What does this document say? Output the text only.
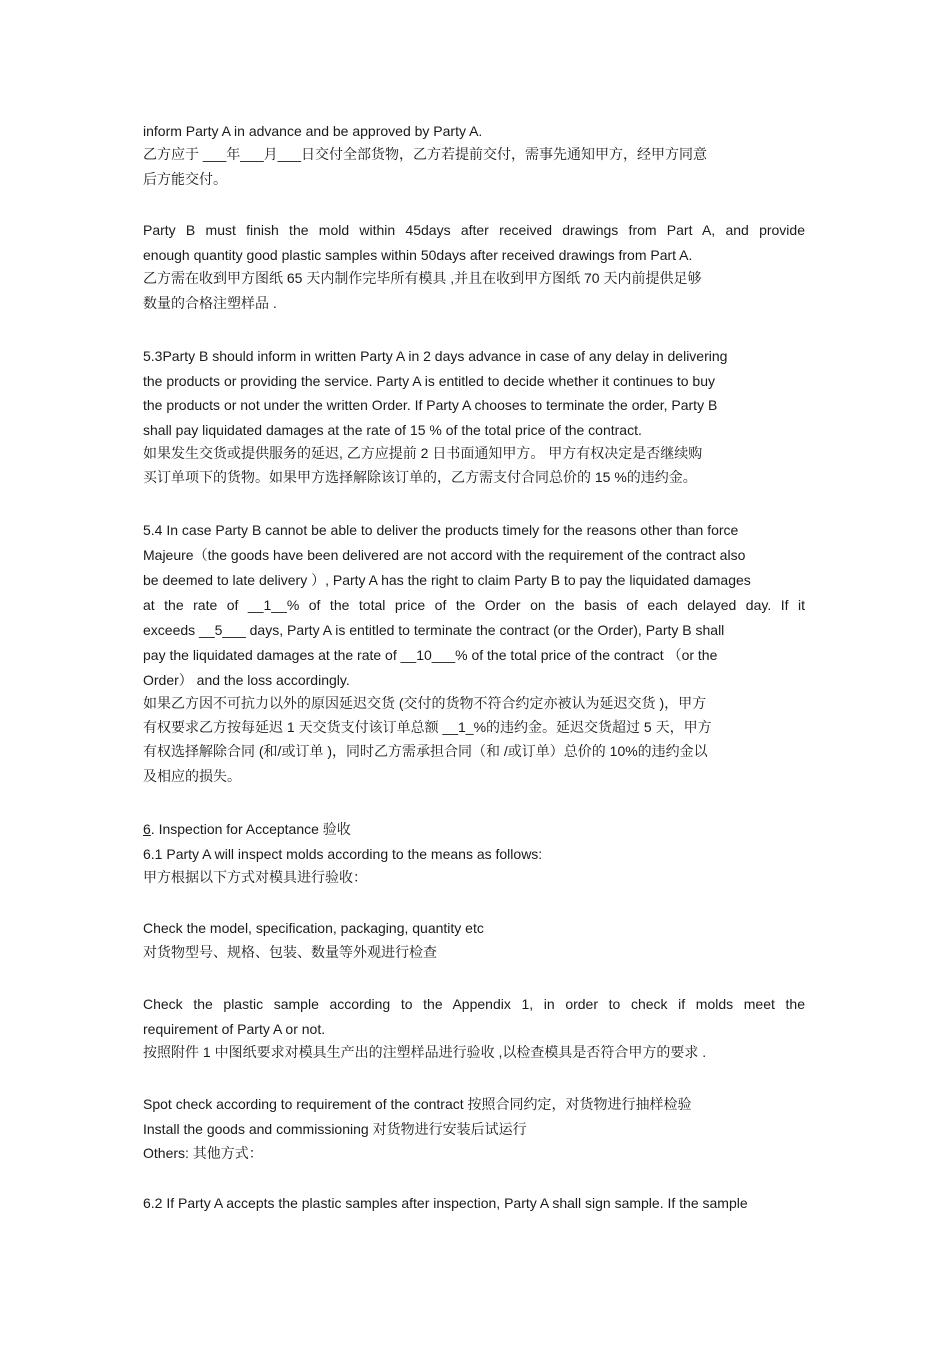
inform Party A in advance and be approved by Party A.

乙方应于 ___年___月___日交付全部货物，乙方若提前交付，需事先通知甲方，经甲方同意

后方能交付。

Party B must finish the mold within 45days after received drawings from Part A, and provide

enough quantity good plastic samples within 50days after received drawings from Part A.

乙方需在收到甲方图纸 65 天内制作完毕所有模具 ,并且在收到甲方图纸 70 天内前提供足够

数量的合格注塑样品 .

5.3Party B should inform in written Party A in 2 days advance in case of any delay in delivering

the products or providing the service. Party A is entitled to decide whether it continues to buy

the products or not under the written Order. If Party A chooses to terminate the order, Party B

shall pay liquidated damages at the rate of 15 % of the total price of the contract.

如果发生交货或提供服务的延迟, 乙方应提前 2 日书面通知甲方。 甲方有权决定是否继续购

买订单项下的货物。如果甲方选择解除该订单的，乙方需支付合同总价的 15 %的违约金。

5.4 In case Party B cannot be able to deliver the products timely for the reasons other than force

Majeure（the goods have been delivered are not accord with the requirement of the contract also

be deemed to late delivery ）, Party A has the right to claim Party B to pay the liquidated damages

at the rate of __1__% of the total price of the Order on the basis of each delayed day. If it

exceeds __5___ days, Party A is entitled to terminate the contract (or the Order), Party B shall

pay the liquidated damages at the rate of __10___% of the total price of the contract （or the

Order） and the loss accordingly.

如果乙方因不可抗力以外的原因延迟交货 (交付的货物不符合约定亦被认为延迟交货 )，甲方

有权要求乙方按每延迟 1 天交货支付该订单总额 __1_%的违约金。延迟交货超过 5 天，甲方

有权选择解除合同 (和/或订单 )，同时乙方需承担合同（和 /或订单）总价的 10%的违约金以

及相应的损失。

6. Inspection for Acceptance 验收

6.1 Party A will inspect molds according to the means as follows:

甲方根据以下方式对模具进行验收：

Check the model, specification, packaging, quantity etc

对货物型号、规格、包装、数量等外观进行检查

Check the plastic sample according to the Appendix 1, in order to check if molds meet the

requirement of Party A or not.

按照附件 1 中图纸要求对模具生产出的注塑样品进行验收 ,以检查模具是否符合甲方的要求 .

Spot check according to requirement of the contract 按照合同约定，对货物进行抽样检验

Install the goods and commissioning 对货物进行安装后试运行

Others: 其他方式：

6.2 If Party A accepts the plastic samples after inspection, Party A shall sign sample. If the sample
